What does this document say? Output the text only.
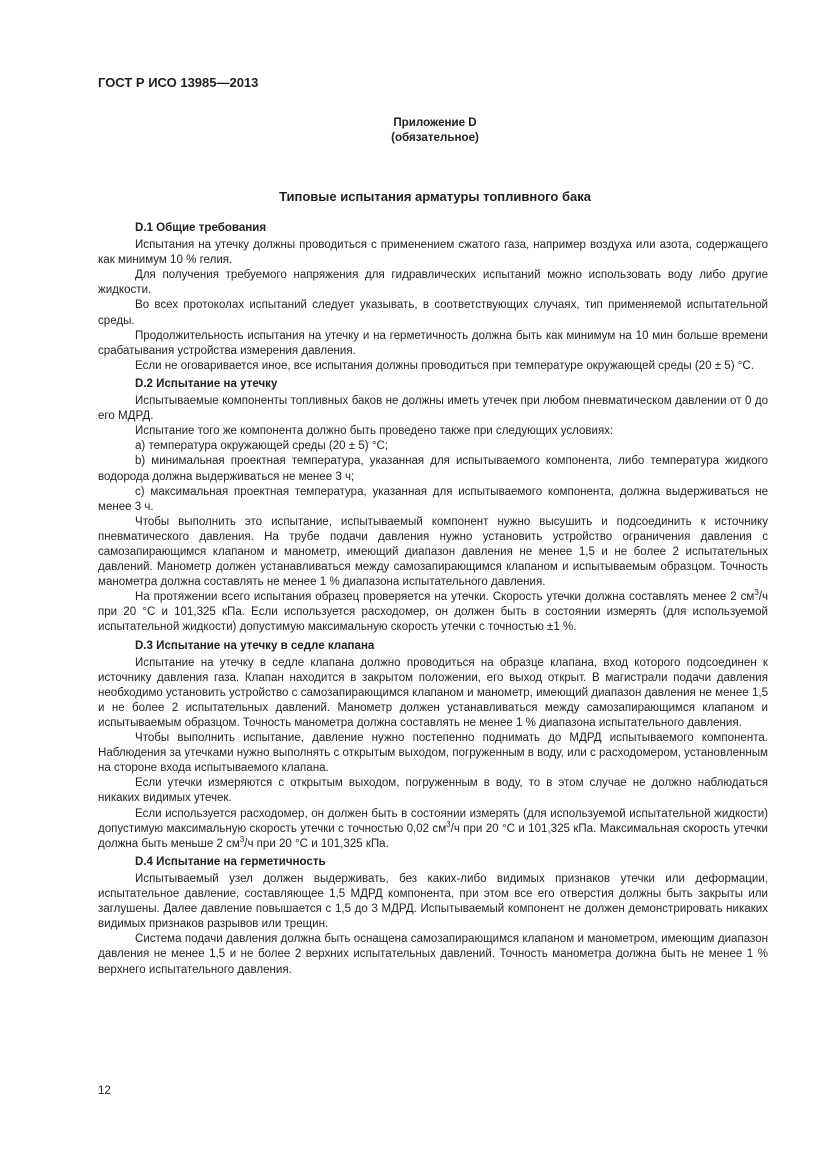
ГОСТ Р ИСО 13985—2013
Приложение D
(обязательное)
Типовые испытания арматуры топливного бака
D.1 Общие требования

Испытания на утечку должны проводиться с применением сжатого газа, например воздуха или азота, содержащего как минимум 10 % гелия.

Для получения требуемого напряжения для гидравлических испытаний можно использовать воду либо другие жидкости.

Во всех протоколах испытаний следует указывать, в соответствующих случаях, тип применяемой испытательной среды.

Продолжительность испытания на утечку и на герметичность должна быть как минимум на 10 мин больше времени срабатывания устройства измерения давления.

Если не оговаривается иное, все испытания должны проводиться при температуре окружающей среды (20 ± 5) °С.

D.2 Испытание на утечку

Испытываемые компоненты топливных баков не должны иметь утечек при любом пневматическом давлении от 0 до его МДРД.

Испытание того же компонента должно быть проведено также при следующих условиях:

a) температура окружающей среды (20 ± 5) °С;

b) минимальная проектная температура, указанная для испытываемого компонента, либо температура жидкого водорода должна выдерживаться не менее 3 ч;

c) максимальная проектная температура, указанная для испытываемого компонента, должна выдерживаться не менее 3 ч.

Чтобы выполнить это испытание, испытываемый компонент нужно высушить и подсоединить к источнику пневматического давления. На трубе подачи давления нужно установить устройство ограничения давления с самозапирающимся клапаном и манометр, имеющий диапазон давления не менее 1,5 и не более 2 испытательных давлений. Манометр должен устанавливаться между самозапирающимся клапаном и испытываемым образцом. Точность манометра должна составлять не менее 1 % диапазона испытательного давления.

На протяжении всего испытания образец проверяется на утечки. Скорость утечки должна составлять менее 2 $см^3/ч$ при 20 °С и 101,325 кПа. Если используется расходомер, он должен быть в состоянии измерять (для используемой испытательной жидкости) допустимую максимальную скорость утечки с точностью ±1 %.

D.3 Испытание на утечку в седле клапана

Испытание на утечку в седле клапана должно проводиться на образце клапана, вход которого подсоединен к источнику давления газа. Клапан находится в закрытом положении, его выход открыт. В магистрали подачи давления необходимо установить устройство с самозапирающимся клапаном и манометр, имеющий диапазон давления не менее 1,5 и не более 2 испытательных давлений. Манометр должен устанавливаться между самозапирающимся клапаном и испытываемым образцом. Точность манометра должна составлять не менее 1 % диапазона испытательного давления.

Чтобы выполнить испытание, давление нужно постепенно поднимать до МДРД испытываемого компонента. Наблюдения за утечками нужно выполнять с открытым выходом, погруженным в воду, или с расходомером, установленным на стороне входа испытываемого клапана.

Если утечки измеряются с открытым выходом, погруженным в воду, то в этом случае не должно наблюдаться никаких видимых утечек.

Если используется расходомер, он должен быть в состоянии измерять (для используемой испытательной жидкости) допустимую максимальную скорость утечки с точностью 0,02 $см^3/ч$ при 20 °С и 101,325 кПа. Максимальная скорость утечки должна быть меньше 2 $см^3/ч$ при 20 °С и 101,325 кПа.

D.4 Испытание на герметичность

Испытываемый узел должен выдерживать, без каких-либо видимых признаков утечки или деформации, испытательное давление, составляющее 1,5 МДРД компонента, при этом все его отверстия должны быть закрыты или заглушены. Далее давление повышается с 1,5 до 3 МДРД. Испытываемый компонент не должен демонстрировать никаких видимых признаков разрывов или трещин.

Система подачи давления должна быть оснащена самозапирающимся клапаном и манометром, имеющим диапазон давления не менее 1,5 и не более 2 верхних испытательных давлений. Точность манометра должна быть не менее 1 % верхнего испытательного давления.

12
